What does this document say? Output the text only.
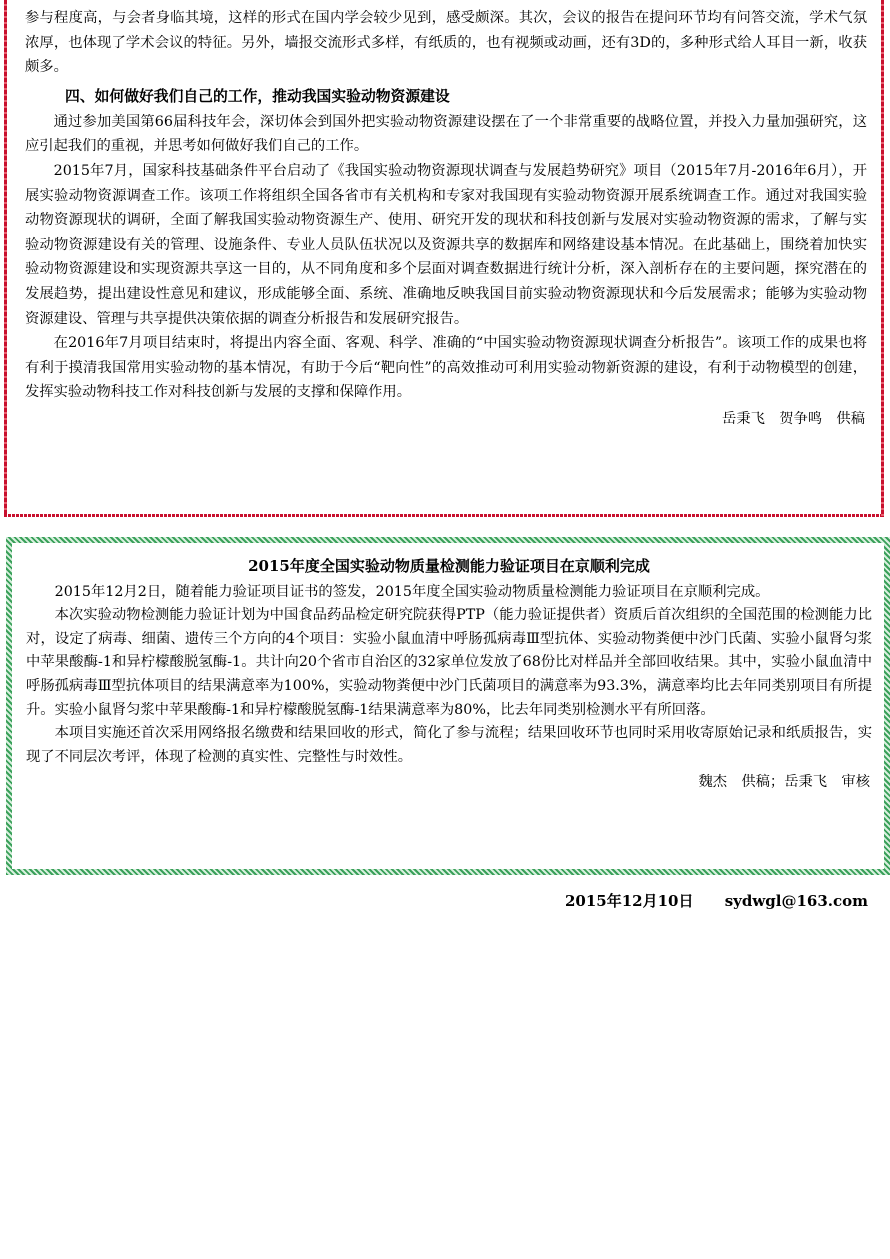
参与程度高，与会者身临其境，这样的形式在国内学会较少见到，感受颇深。其次，会议的报告在提问环节均有问答交流，学术气氛浓厚，也体现了学术会议的特征。另外，墙报交流形式多样，有纸质的，也有视频或动画，还有3D的，多种形式给人耳目一新，收获颇多。

四、如何做好我们自己的工作，推动我国实验动物资源建设

通过参加美国第66届科技年会，深切体会到国外把实验动物资源建设摆在了一个非常重要的战略位置，并投入力量加强研究，这应引起我们的重视，并思考如何做好我们自己的工作。

2015年7月，国家科技基础条件平台启动了《我国实验动物资源现状调查与发展趋势研究》项目（2015年7月-2016年6月），开展实验动物资源调查工作。该项工作将组织全国各省市有关机构和专家对我国现有实验动物资源开展系统调查工作。通过对我国实验动物资源现状的调研，全面了解我国实验动物资源生产、使用、研究开发的现状和科技创新与发展对实验动物资源的需求，了解与实验动物资源建设有关的管理、设施条件、专业人员队伍状况以及资源共享的数据库和网络建设基本情况。在此基础上，围绕着加快实验动物资源建设和实现资源共享这一目的，从不同角度和多个层面对调查数据进行统计分析，深入剖析存在的主要问题，探究潜在的发展趋势，提出建设性意见和建议，形成能够全面、系统、准确地反映我国目前实验动物资源现状和今后发展需求；能够为实验动物资源建设、管理与共享提供决策依据的调查分析报告和发展研究报告。

在2016年7月项目结束时，将提出内容全面、客观、科学、准确的“中国实验动物资源现状调查分析报告”。该项工作的成果也将有利于摸清我国常用实验动物的基本情况，有助于今后“靶向性”的高效推动可利用实验动物新资源的建设，有利于动物模型的创建，发挥实验动物科技工作对科技创新与发展的支撑和保障作用。

岳秉飞　贺争鸣　供稿

2015年度全国实验动物质量检测能力验证项目在京顺利完成

2015年12月2日，随着能力验证项目证书的签发，2015年度全国实验动物质量检测能力验证项目在京顺利完成。

本次实验动物检测能力验证计划为中国食品药品检定研究院获得PTP（能力验证提供者）资质后首次组织的全国范围的检测能力比对，设定了病毒、细菌、遗传三个方向的4个项目：实验小鼠血清中呼肠孤病毒Ⅲ型抗体、实验动物粪便中沙门氏菌、实验小鼠肾匀浆中苹果酸酶-1和异柠檬酸脱氢酶-1。共计向20个省市自治区的32家单位发放了68份比对样品并全部回收结果。其中，实验小鼠血清中呼肠孤病毒Ⅲ型抗体项目的结果满意率为100%，实验动物粪便中沙门氏菌项目的满意率为93.3%，满意率均比去年同类别项目有所提升。实验小鼠肾匀浆中苹果酸酶-1和异柠檬酸脱氢酶-1结果满意率为80%，比去年同类别检测水平有所回落。

本项目实施还首次采用网络报名缴费和结果回收的形式，简化了参与流程；结果回收环节也同时采用收寄原始记录和纸质报告，实现了不同层次考评，体现了检测的真实性、完整性与时效性。

魏杰　供稿；岳秉飞　审核

2015年12月10日 sydwgl@163.com
